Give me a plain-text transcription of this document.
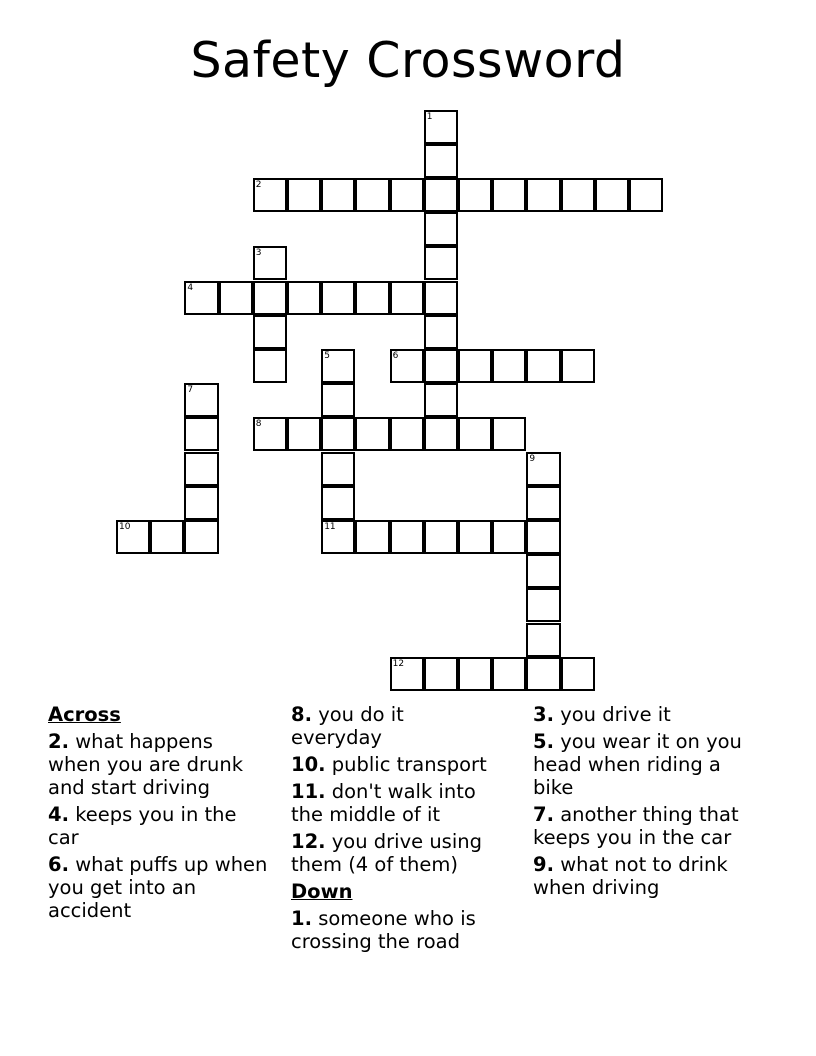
Safety Crossword
1
2
3
4
5
11
6
7
8
9
10
12
Across
2. what happens when you are drunk and start driving
4. keeps you in the car
6. what puffs up when you get into an accident
8. you do it everyday
10. public transport
11. don't walk into the middle of it
12. you drive using them (4 of them)
Down
1. someone who is crossing the road
3. you drive it
5. you wear it on you head when riding a bike
7. another thing that keeps you in the car
9. what not to drink when driving
